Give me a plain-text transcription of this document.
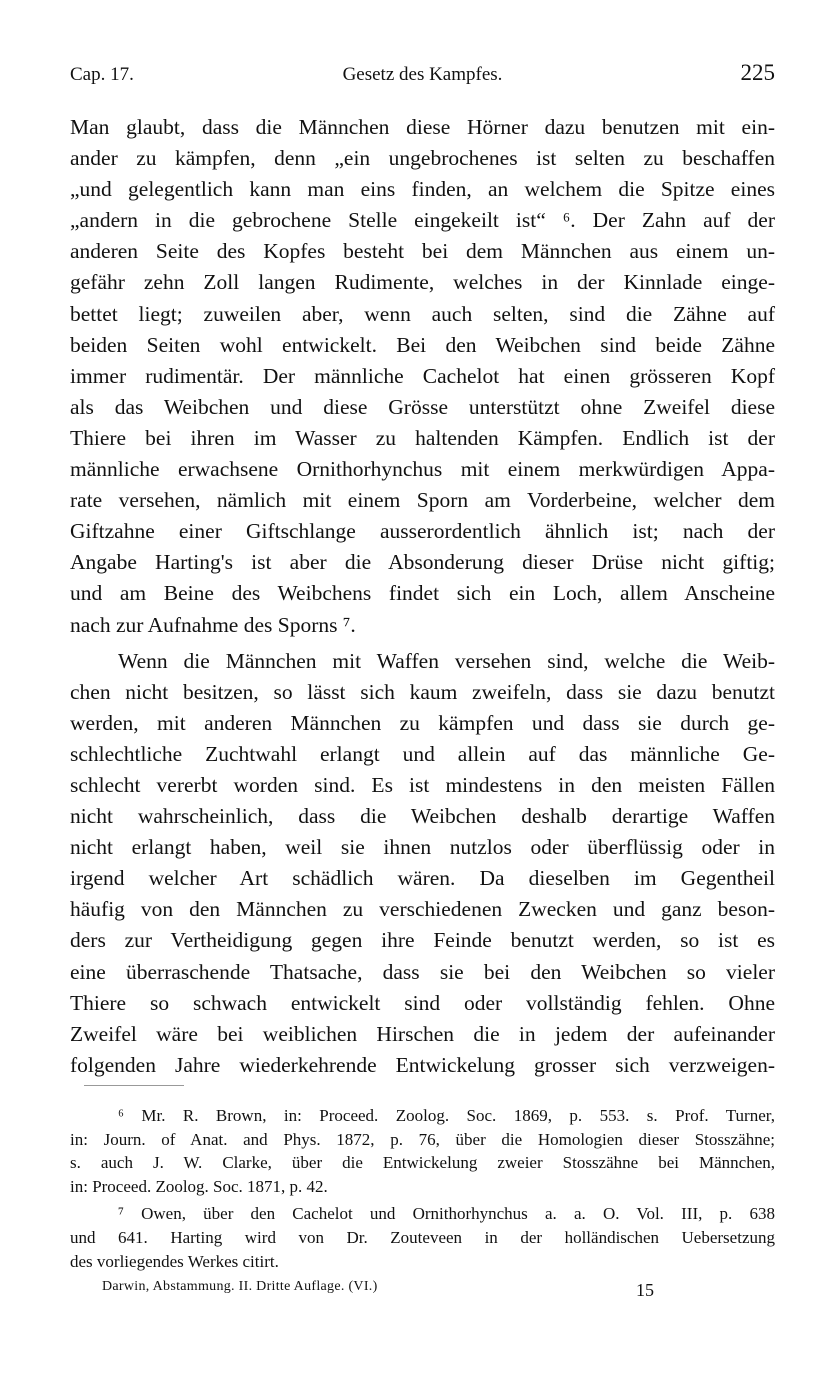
Cap. 17.	Gesetz des Kampfes.	225
Man glaubt, dass die Männchen diese Hörner dazu benutzen mit ein-
ander zu kämpfen, denn „ein ungebrochenes ist selten zu beschaffen
„und gelegentlich kann man eins finden, an welchem die Spitze eines
„andern in die gebrochene Stelle eingekeilt ist“ ⁶. Der Zahn auf der
anderen Seite des Kopfes besteht bei dem Männchen aus einem un-
gefähr zehn Zoll langen Rudimente, welches in der Kinnlade einge-
bettet liegt; zuweilen aber, wenn auch selten, sind die Zähne auf
beiden Seiten wohl entwickelt. Bei den Weibchen sind beide Zähne
immer rudimentär. Der männliche Cachelot hat einen grösseren Kopf
als das Weibchen und diese Grösse unterstützt ohne Zweifel diese
Thiere bei ihren im Wasser zu haltenden Kämpfen. Endlich ist der
männliche erwachsene Ornithorhynchus mit einem merkwürdigen Appa-
rate versehen, nämlich mit einem Sporn am Vorderbeine, welcher dem
Giftzahne einer Giftschlange ausserordentlich ähnlich ist; nach der
Angabe Harting's ist aber die Absonderung dieser Drüse nicht giftig;
und am Beine des Weibchens findet sich ein Loch, allem Anscheine
nach zur Aufnahme des Sporns ⁷.
Wenn die Männchen mit Waffen versehen sind, welche die Weib-
chen nicht besitzen, so lässt sich kaum zweifeln, dass sie dazu benutzt
werden, mit anderen Männchen zu kämpfen und dass sie durch ge-
schlechtliche Zuchtwahl erlangt und allein auf das männliche Ge-
schlecht vererbt worden sind. Es ist mindestens in den meisten Fällen
nicht wahrscheinlich, dass die Weibchen deshalb derartige Waffen
nicht erlangt haben, weil sie ihnen nutzlos oder überflüssig oder in
irgend welcher Art schädlich wären. Da dieselben im Gegentheil
häufig von den Männchen zu verschiedenen Zwecken und ganz beson-
ders zur Vertheidigung gegen ihre Feinde benutzt werden, so ist es
eine überraschende Thatsache, dass sie bei den Weibchen so vieler
Thiere so schwach entwickelt sind oder vollständig fehlen. Ohne
Zweifel wäre bei weiblichen Hirschen die in jedem der aufeinander
folgenden Jahre wiederkehrende Entwickelung grosser sich verzweigen-
⁶ Mr. R. Brown, in: Proceed. Zoolog. Soc. 1869, p. 553. s. Prof. Turner,
in: Journ. of Anat. and Phys. 1872, p. 76, über die Homologien dieser Stosszähne;
s. auch J. W. Clarke, über die Entwickelung zweier Stosszähne bei Männchen,
in: Proceed. Zoolog. Soc. 1871, p. 42.
⁷ Owen, über den Cachelot und Ornithorhynchus a. a. O. Vol. III, p. 638
und 641. Harting wird von Dr. Zouteveen in der holländischen Uebersetzung
des vorliegendes Werkes citirt.
Darwin, Abstammung. II. Dritte Auflage. (VI.)	15
